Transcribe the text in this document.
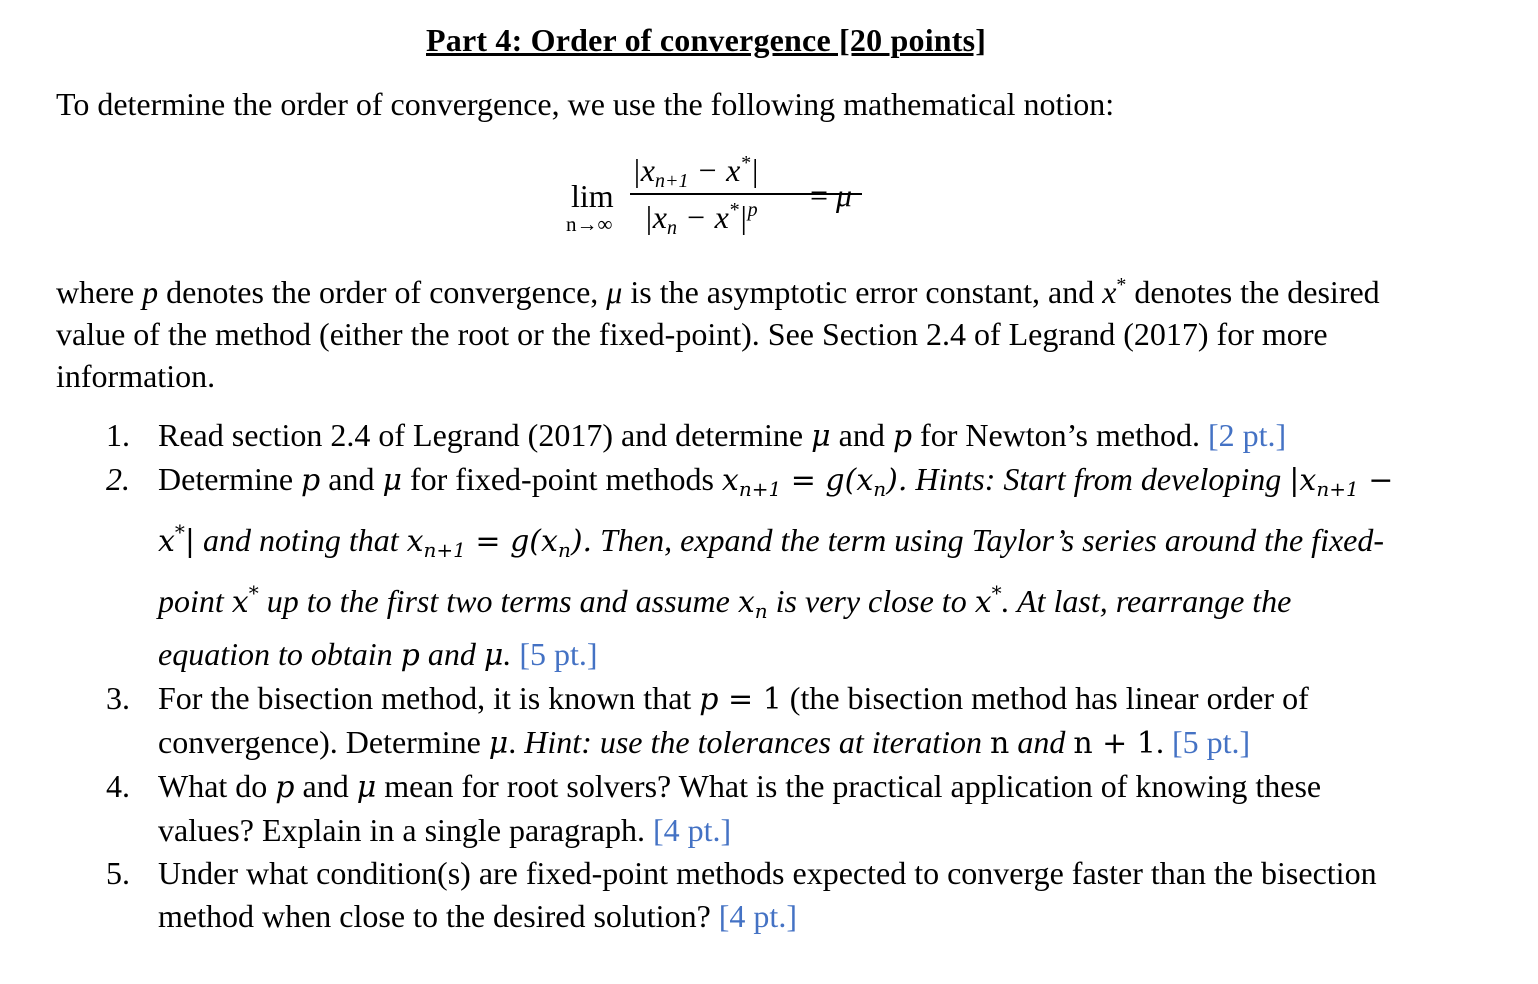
Part 4: Order of convergence [20 points]
To determine the order of convergence, we use the following mathematical notion:
lim
n→∞
|xn+1 − x*|
$|xn - x^*|^p = \mu$
where p denotes the order of convergence, μ is the asymptotic error constant, and x* denotes the desired value of the method (either the root or the fixed-point). See Section 2.4 of Legrand (2017) for more information.
1. Read section 2.4 of Legrand (2017) and determine μ and p for Newton’s method. [2 pt.]
2. Determine p and μ for fixed-point methods $x_{n+1} = g(x_n)$. Hints: Start from developing $|x_{n+1} - x^*|$ and noting that $x_{n+1} = g(x_n)$. Then, expand the term using Taylor’s series around the fixed-point x* up to the first two terms and assume $x_n$ is very close to x*. At last, rearrange the equation to obtain p and μ. [5 pt.]
3. For the bisection method, it is known that p = 1 (the bisection method has linear order of convergence). Determine μ. Hint: use the tolerances at iteration n and n + 1. [5 pt.]
4. What do p and μ mean for root solvers? What is the practical application of knowing these values? Explain in a single paragraph. [4 pt.]
5. Under what condition(s) are fixed-point methods expected to converge faster than the bisection method when close to the desired solution? [4 pt.]
